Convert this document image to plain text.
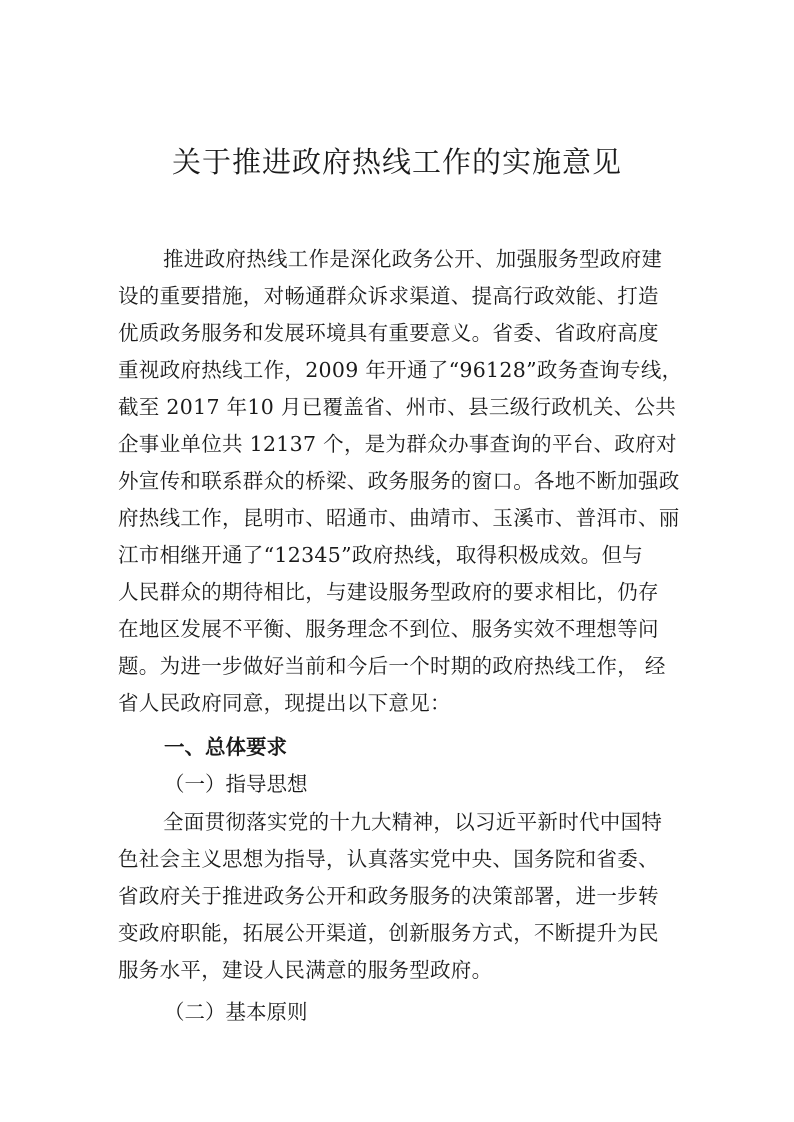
关于推进政府热线工作的实施意见
推进政府热线工作是深化政务公开、加强服务型政府建
设的重要措施，对畅通群众诉求渠道、提高行政效能、打造
优质政务服务和发展环境具有重要意义。省委、省政府高度
重视政府热线工作，2009 年开通了“96128”政务查询专线，
截至 2017 年10 月已覆盖省、州市、县三级行政机关、公共
企事业单位共 12137 个，是为群众办事查询的平台、政府对
外宣传和联系群众的桥梁、政务服务的窗口。各地不断加强政
府热线工作，昆明市、昭通市、曲靖市、玉溪市、普洱市、丽
江市相继开通了“12345”政府热线，取得积极成效。但与
人民群众的期待相比，与建设服务型政府的要求相比，仍存
在地区发展不平衡、服务理念不到位、服务实效不理想等问
题。为进一步做好当前和今后一个时期的政府热线工作， 经
省人民政府同意，现提出以下意见：
一、总体要求
（一）指导思想
全面贯彻落实党的十九大精神，以习近平新时代中国特
色社会主义思想为指导，认真落实党中央、国务院和省委、
省政府关于推进政务公开和政务服务的决策部署，进一步转
变政府职能，拓展公开渠道，创新服务方式，不断提升为民
服务水平，建设人民满意的服务型政府。
（二）基本原则
